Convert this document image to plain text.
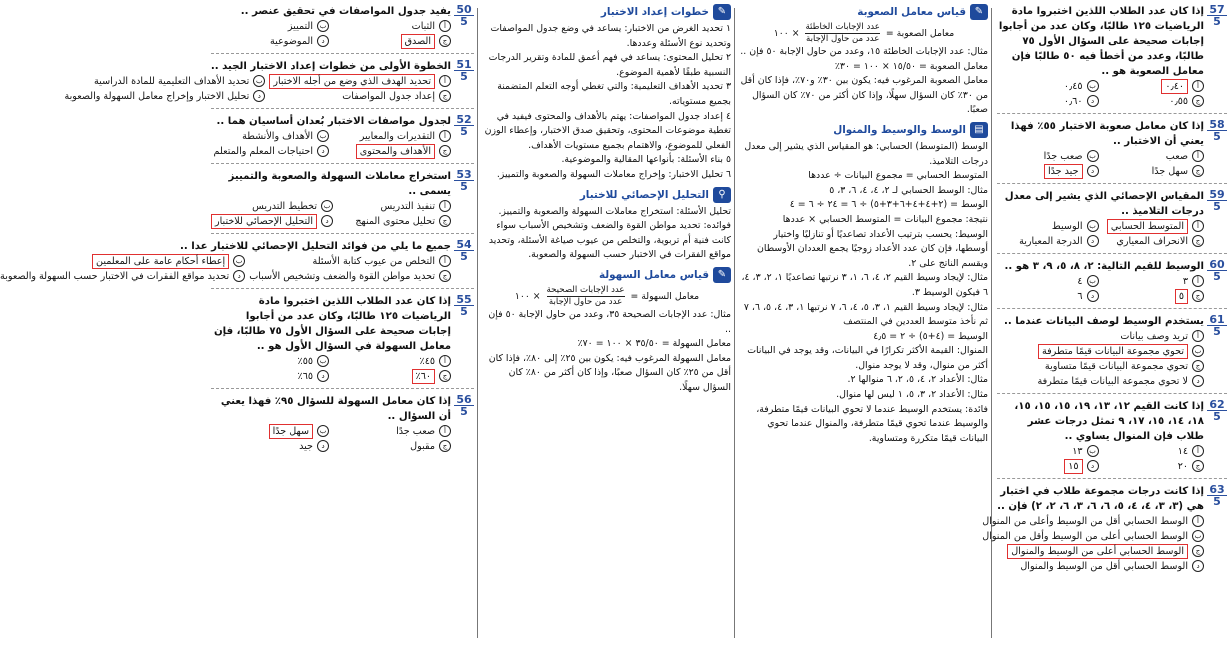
57
5
إذا كان عدد الطلاب اللذين اختبروا مادة الرياضيات ١٢٥ طالبًا، وكان عدد من أجابوا إجابات صحيحة على السؤال الأول ٧٥ طالبًا، وعدد من أخطأ فيه ٥٠ طالبًا فإن معامل الصعوبة هو ..
أ٠٫٤٠
ب٠٫٤٥
ج٠٫٥٥
د٠٫٦٠
58
5
إذا كان معامل صعوبة الاختبار ٥٥٪ فهذا يعني أن الاختبار ..
أصعب
بصعب جدًا
جسهل جدًا
دجيد جدًا
59
5
المقياس الإحصائي الذي يشير إلى معدل درجات التلاميذ ..
أالمتوسط الحسابي
بالوسيط
جالانحراف المعياري
دالدرجة المعيارية
60
5
الوسيط للقيم التالية: ٢، ٨، ٥، ٩، ٣ هو ..
أ٣
ب٤
ج٥
د٦
61
5
يستخدم الوسيط لوصف البيانات عندما ..
أتريد وصف بيانات
بتحوي مجموعة البيانات قيمًا متطرفة
جتحوي مجموعة البيانات قيمًا متساوية
دلا تحوي مجموعة البيانات قيمًا متطرفة
62
5
إذا كانت القيم ١٢، ١٣، ١٩، ١٥، ١٥، ١٥، ١٨، ١٤، ١٥، ١٧، ٩ تمثل درجات عشر طلاب فإن المنوال يساوي ..
أ١٤
ب١٣
ج٢٠
د١٥
63
5
إذا كانت درجات مجموعة طلاب في اختبار هي (٣، ٣، ٤، ٤، ٥، ٦، ٦، ٣، ٦، ٢، ٢) فإن ..
أالوسط الحسابي أقل من الوسيط وأعلى من المنوال
بالوسط الحسابي أعلى من الوسيط وأقل من المنوال
جالوسط الحسابي أعلى من الوسيط والمنوال
دالوسط الحسابي أقل من الوسيط والمنوال
✎
قياس معامل الصعوبة
معامل الصعوبة =
$\frac{\text{عدد الإجابات الخاطئة}}{\text{عدد من حاول الإجابة}}$
× ١٠٠
مثال: عدد الإجابات الخاطئة ١٥، وعدد من حاول الإجابة ٥٠ فإن ..
معامل الصعوبة = ١٥/٥٠ × ١٠٠ = ٣٠٪
معامل الصعوبة المرغوب فيه: يكون بين ٣٠٪ و٧٠٪، فإذا كان أقل من ٣٠٪ كان السؤال سهلًا، وإذا كان أكثر من ٧٠٪ كان السؤال صعبًا.
▤
الوسط والوسيط والمنوال
الوسط (المتوسط) الحسابي: هو المقياس الذي يشير إلى معدل درجات التلاميذ.
المتوسط الحسابي = مجموع البيانات ÷ عددها
مثال: الوسط الحسابي لـ ٢، ٤، ٤، ٦، ٣، ٥
الوسط = (٢+٤+٤+٦+٣+٥) ÷ ٦ = ٢٤ ÷ ٦ = ٤
نتيجة: مجموع البيانات = المتوسط الحسابي × عددها
الوسيط: يحسب بترتيب الأعداد تصاعديًا أو تنازليًا واختيار أوسطها، فإن كان عدد الأعداد زوجيًا يجمع العددان الأوسطان ويقسم الناتج على ٢.
مثال: لإيجاد وسيط القيم ٢، ٤، ٦، ١، ٣ نرتبها تصاعديًا ١، ٢، ٣، ٤، ٦ فيكون الوسيط ٣.
مثال: لإيجاد وسيط القيم ١، ٣، ٥، ٤، ٦، ٧ نرتبها ١، ٣، ٤، ٥، ٦، ٧ ثم نأخذ متوسط العددين في المنتصف
الوسيط = (٤+٥) ÷ ٢ = ٤٫٥
المنوال: القيمة الأكثر تكرارًا في البيانات، وقد يوجد في البيانات أكثر من منوال، وقد لا يوجد منوال.
مثال: الأعداد ٢، ٤، ٥، ٢، ٦ منوالها ٢.
مثال: الأعداد ٢، ٣، ٥، ١ ليس لها منوال.
فائدة: يستخدم الوسيط عندما لا تحوي البيانات قيمًا متطرفة، والوسيط عندما تحوي قيمًا متطرفة، والمنوال عندما تحوي البيانات قيمًا متكررة ومتساوية.
✎
خطوات إعداد الاختبار
١ تحديد الغرض من الاختبار: يساعد في وضع جدول المواصفات وتحديد نوع الأسئلة وعددها.
٢ تحليل المحتوى: يساعد في فهم أعمق للمادة وتقرير الدرجات النسبية طبقًا لأهمية الموضوع.
٣ تحديد الأهداف التعليمية: والتي تغطي أوجه التعلم المتضمنة بجميع مستوياته.
٤ إعداد جدول المواصفات: يهتم بالأهداف والمحتوى فيفيد في تغطية موضوعات المحتوى، وتحقيق صدق الاختبار، وإعطاء الوزن الفعلي للموضوع، والاهتمام بجميع مستويات الأهداف.
٥ بناء الأسئلة: بأنواعها المقالية والموضوعية.
٦ تحليل الاختبار: وإخراج معاملات السهولة والصعوبة والتمييز.
⚲
التحليل الإحصائي للاختبار
تحليل الأسئلة: استخراج معاملات السهولة والصعوبة والتمييز.
فوائده: تحديد مواطن القوة والضعف وتشخيص الأسباب سواء كانت فنية أم تربوية، والتخلص من عيوب صياغة الأسئلة، وتحديد مواقع الفقرات في الاختبار حسب السهولة والصعوبة.
✎
قياس معامل السهولة
معامل السهولة =
$\frac{\text{عدد الإجابات الصحيحة}}{\text{عدد من حاول الإجابة}}$
× ١٠٠
مثال: عدد الإجابات الصحيحة ٣٥، وعدد من حاول الإجابة ٥٠ فإن ..
معامل السهولة = ٣٥/٥٠ × ١٠٠ = ٧٠٪
معامل السهولة المرغوب فيه: يكون بين ٢٥٪ إلى ٨٠٪، فإذا كان أقل من ٢٥٪ كان السؤال صعبًا، وإذا كان أكثر من ٨٠٪ كان السؤال سهلًا.
50
5
يفيد جدول المواصفات في تحقيق عنصر ..
أالثبات
بالتمييز
جالصدق
دالموضوعية
51
5
الخطوة الأولى من خطوات إعداد الاختبار الجيد ..
أتحديد الهدف الذي وضع من أجله الاختبار
بتحديد الأهداف التعليمية للمادة الدراسية
جإعداد جدول المواصفات
دتحليل الاختبار وإخراج معامل السهولة والصعوبة
52
5
لجدول مواصفات الاختبار بُعدان أساسيان هما ..
أالتقديرات والمعايير
بالأهداف والأنشطة
جالأهداف والمحتوى
داحتياجات المعلم والمتعلم
53
5
استخراج معاملات السهولة والصعوبة والتمييز يسمى ..
أتنفيذ التدريس
بتخطيط التدريس
جتحليل محتوى المنهج
دالتحليل الإحصائي للاختبار
54
5
جميع ما يلي من فوائد التحليل الإحصائي للاختبار عدا ..
أالتخلص من عيوب كتابة الأسئلة
بإعطاء أحكام عامة على المعلمين
جتحديد مواطن القوة والضعف وتشخيص الأسباب
دتحديد مواقع الفقرات في الاختبار حسب السهولة والصعوبة
55
5
إذا كان عدد الطلاب اللذين اختبروا مادة الرياضيات ١٢٥ طالبًا، وكان عدد من أجابوا إجابات صحيحة على السؤال الأول ٧٥ طالبًا، فإن معامل السهولة في السؤال الأول هو ..
أ٤٥٪
ب٥٥٪
ج٦٠٪
د٦٥٪
56
5
إذا كان معامل السهولة للسؤال ٩٥٪ فهذا يعني أن السؤال ..
أصعب جدًا
بسهل جدًا
جمقبول
دجيد
